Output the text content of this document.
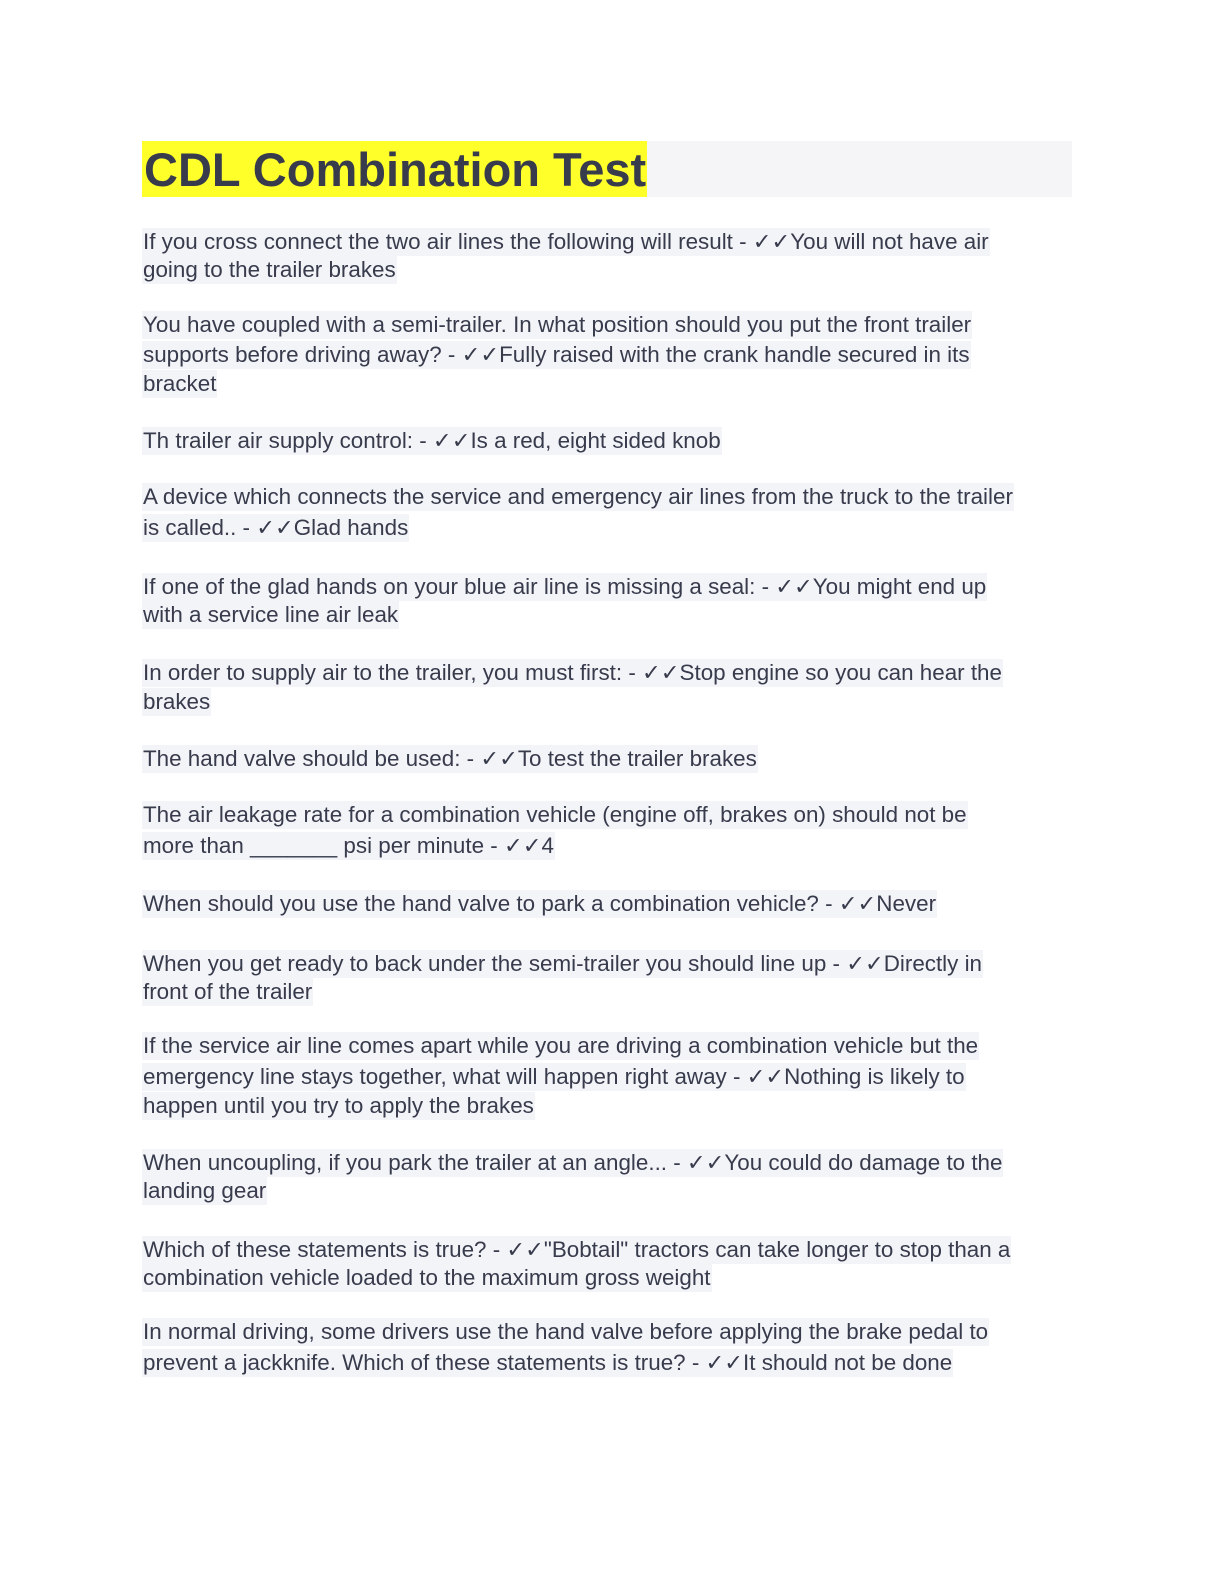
CDL Combination Test
If you cross connect the two air lines the following will result - ✓✓You will not have air
going to the trailer brakes
You have coupled with a semi-trailer. In what position should you put the front trailer
supports before driving away? - ✓✓Fully raised with the crank handle secured in its
bracket
Th trailer air supply control: - ✓✓Is a red, eight sided knob
A device which connects the service and emergency air lines from the truck to the trailer
is called.. - ✓✓Glad hands
If one of the glad hands on your blue air line is missing a seal: - ✓✓You might end up
with a service line air leak
In order to supply air to the trailer, you must first: - ✓✓Stop engine so you can hear the
brakes
The hand valve should be used: - ✓✓To test the trailer brakes
The air leakage rate for a combination vehicle (engine off, brakes on) should not be
more than _______ psi per minute - ✓✓4
When should you use the hand valve to park a combination vehicle? - ✓✓Never
When you get ready to back under the semi-trailer you should line up - ✓✓Directly in
front of the trailer
If the service air line comes apart while you are driving a combination vehicle but the
emergency line stays together, what will happen right away - ✓✓Nothing is likely to
happen until you try to apply the brakes
When uncoupling, if you park the trailer at an angle... - ✓✓You could do damage to the
landing gear
Which of these statements is true? - ✓✓"Bobtail" tractors can take longer to stop than a
combination vehicle loaded to the maximum gross weight
In normal driving, some drivers use the hand valve before applying the brake pedal to
prevent a jackknife. Which of these statements is true? - ✓✓It should not be done
